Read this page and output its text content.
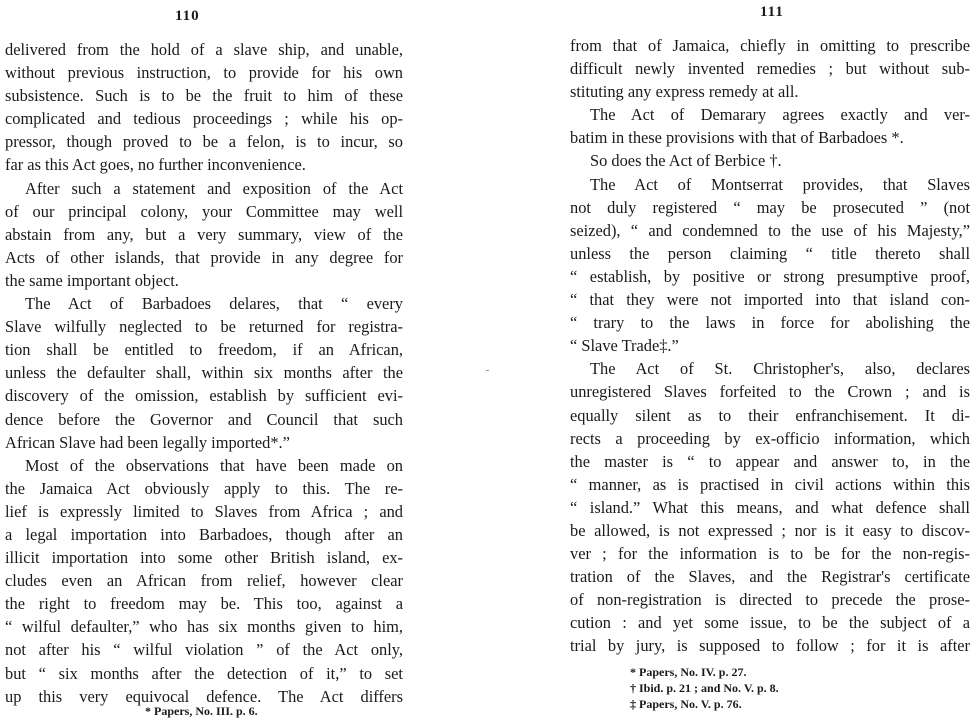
110
delivered from the hold of a slave ship, and unable,
without previous instruction, to provide for his own
subsistence. Such is to be the fruit to him of these
complicated and tedious proceedings ; while his op-
pressor, though proved to be a felon, is to incur, so
far as this Act goes, no further inconvenience.
After such a statement and exposition of the Act
of our principal colony, your Committee may well
abstain from any, but a very summary, view of the
Acts of other islands, that provide in any degree for
the same important object.
The Act of Barbadoes delares, that “ every
Slave wilfully neglected to be returned for registra-
tion shall be entitled to freedom, if an African,
unless the defaulter shall, within six months after the
discovery of the omission, establish by sufficient evi-
dence before the Governor and Council that such
African Slave had been legally imported*.”
Most of the observations that have been made on
the Jamaica Act obviously apply to this. The re-
lief is expressly limited to Slaves from Africa ; and
a legal importation into Barbadoes, though after an
illicit importation into some other British island, ex-
cludes even an African from relief, however clear
the right to freedom may be. This too, against a
“ wilful defaulter,” who has six months given to him,
not after his “ wilful violation ” of the Act only,
but “ six months after the detection of it,” to set
up this very equivocal defence. The Act differs
* Papers, No. III. p. 6.
111
from that of Jamaica, chiefly in omitting to prescribe
difficult newly invented remedies ; but without sub-
stituting any express remedy at all.
The Act of Demarary agrees exactly and ver-
batim in these provisions with that of Barbadoes *.
So does the Act of Berbice †.
The Act of Montserrat provides, that Slaves
not duly registered “ may be prosecuted ” (not
seized), “ and condemned to the use of his Majesty,”
unless the person claiming “ title thereto shall
“ establish, by positive or strong presumptive proof,
“ that they were not imported into that island con-
“ trary to the laws in force for abolishing the
“ Slave Trade‡.”
The Act of St. Christopher's, also, declares
unregistered Slaves forfeited to the Crown ; and is
equally silent as to their enfranchisement. It di-
rects a proceeding by ex-officio information, which
the master is “ to appear and answer to, in the
“ manner, as is practised in civil actions within this
“ island.” What this means, and what defence shall
be allowed, is not expressed ; nor is it easy to discov-
ver ; for the information is to be for the non-regis-
tration of the Slaves, and the Registrar's certificate
of non-registration is directed to precede the prose-
cution : and yet some issue, to be the subject of a
trial by jury, is supposed to follow ; for it is after
* Papers, No. IV. p. 27.
† Ibid. p. 21 ; and No. V. p. 8.
‡ Papers, No. V. p. 76.
